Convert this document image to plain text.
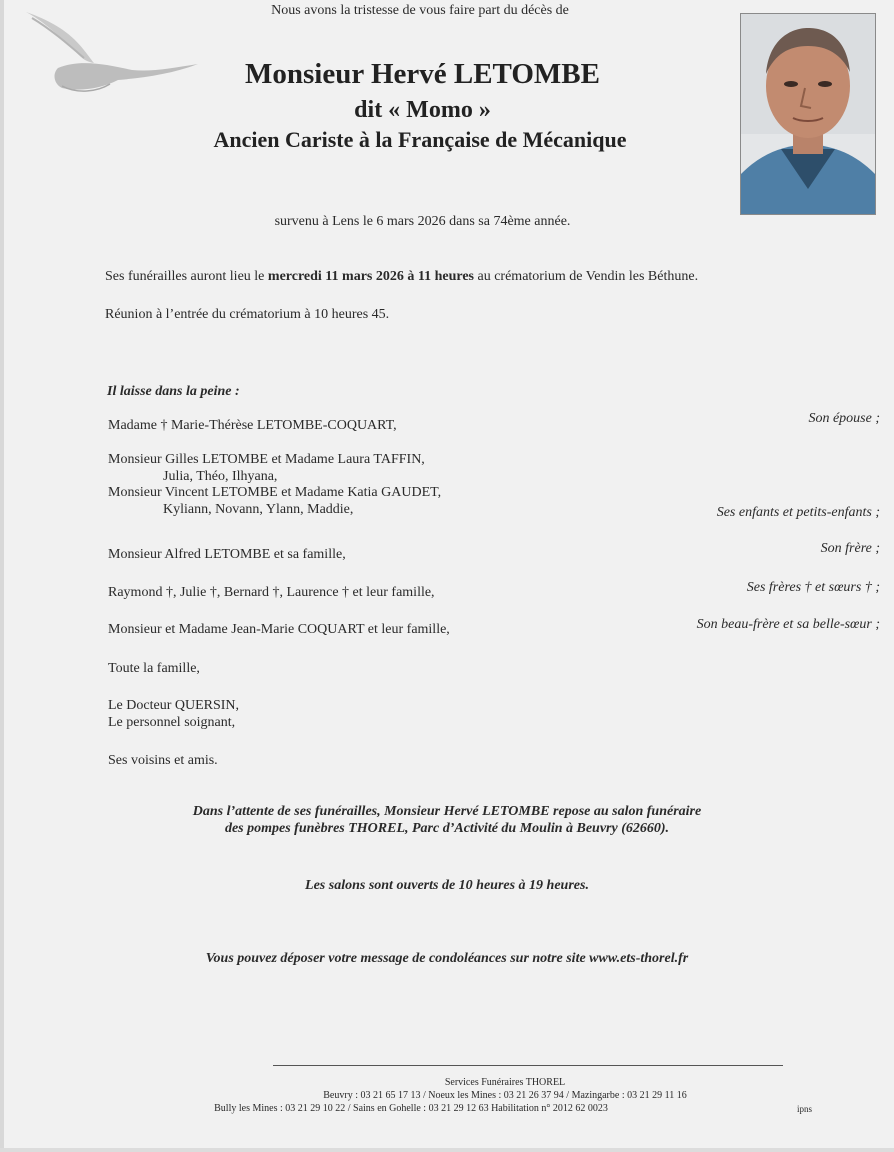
Nous avons la tristesse de vous faire part du décès de
Monsieur Hervé LETOMBE
dit « Momo »
Ancien Cariste à la Française de Mécanique
survenu à Lens le 6 mars 2026 dans sa 74ème année.
Ses funérailles auront lieu le mercredi 11 mars 2026 à 11 heures au crématorium de Vendin les Béthune.
Réunion à l’entrée du crématorium à 10 heures 45.
Il laisse dans la peine :
Madame † Marie-Thérèse LETOMBE-COQUART,	Son épouse ;
Monsieur Gilles LETOMBE et Madame Laura TAFFIN,

Julia, Théo, Ilhyana,
Monsieur Vincent LETOMBE et Madame Katia GAUDET,

Kyliann, Novann, Ylann, Maddie,	Ses enfants et petits-enfants ;
Monsieur Alfred LETOMBE et sa famille,	Son frère ;
Raymond †, Julie †, Bernard †, Laurence † et leur famille,	Ses frères † et sœurs † ;
Monsieur et Madame Jean-Marie COQUART et leur famille,	Son beau-frère et sa belle-sœur ;
Toute la famille,
Le Docteur QUERSIN,
Le personnel soignant,
Ses voisins et amis.
Dans l’attente de ses funérailles, Monsieur Hervé LETOMBE repose au salon funéraire
des pompes funèbres THOREL, Parc d’Activité du Moulin à Beuvry (62660).
Les salons sont ouverts de 10 heures à 19 heures.
Vous pouvez déposer votre message de condoléances sur notre site www.ets-thorel.fr
Services Funéraires THOREL
Beuvry : 03 21 65 17 13 / Noeux les Mines : 03 21 26 37 94 / Mazingarbe : 03 21 29 11 16
Bully les Mines : 03 21 29 10 22 / Sains en Gohelle : 03 21 29 12 63 Habilitation n° 2012 62 0023	ipns
